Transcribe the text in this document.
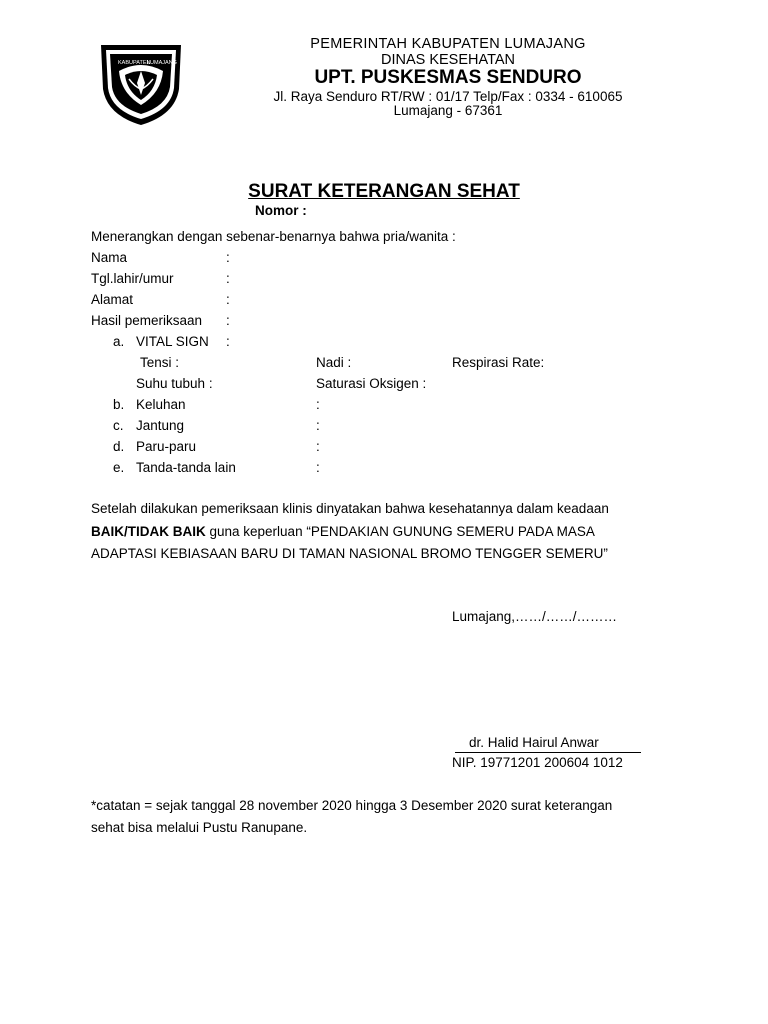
KABUPATEN
LUMAJANG
PEMERINTAH KABUPATEN LUMAJANG
DINAS KESEHATAN
UPT. PUSKESMAS SENDURO
Jl. Raya Senduro RT/RW : 01/17 Telp/Fax : 0334 - 610065
Lumajang - 67361
SURAT KETERANGAN SEHAT
Nomor :
Menerangkan dengan sebenar-benarnya bahwa pria/wanita :
Nama	:
Tgl.lahir/umur	:
Alamat	:
Hasil pemeriksaan :
a. VITAL SIGN :
Tensi :	Nadi :	Respirasi Rate:
Suhu tubuh :	Saturasi Oksigen :
b. Keluhan	:
c. Jantung	:
d. Paru-paru	:
e. Tanda-tanda lain	:
Setelah dilakukan pemeriksaan klinis dinyatakan bahwa kesehatannya dalam keadaan
BAIK/TIDAK BAIK guna keperluan “PENDAKIAN GUNUNG SEMERU PADA MASA
ADAPTASI KEBIASAAN BARU DI TAMAN NASIONAL BROMO TENGGER SEMERU”
Lumajang,……/……/………
dr. Halid Hairul Anwar
NIP. 19771201 200604 1012
*catatan = sejak tanggal 28 november 2020 hingga 3 Desember 2020 surat keterangan
sehat bisa melalui Pustu Ranupane.
